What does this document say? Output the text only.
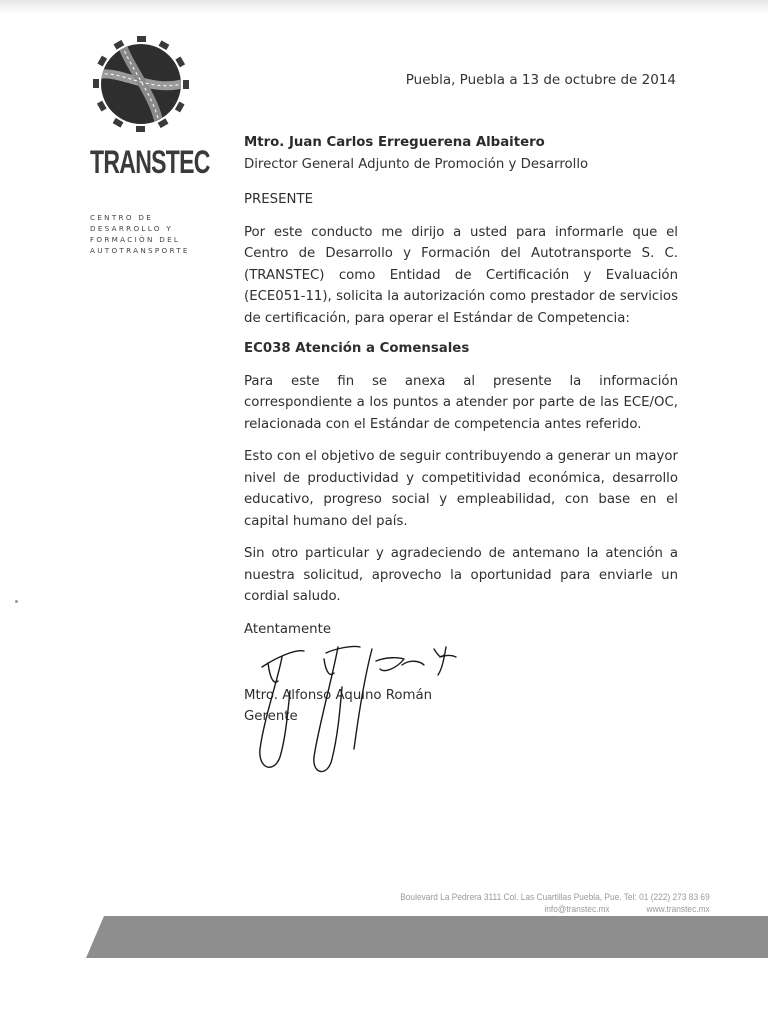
TRANSTEC
CENTRO DE
DESARROLLO Y
FORMACIÓN DEL
AUTOTRANSPORTE
Puebla, Puebla a 13 de octubre de 2014
Mtro. Juan Carlos Erreguerena Albaitero
Director General Adjunto de Promoción y Desarrollo
PRESENTE

Por este conducto me dirijo a usted para informarle que el Centro de Desarrollo y Formación del Autotransporte S. C. (TRANSTEC) como Entidad de Certificación y Evaluación (ECE051-11), solicita la autorización como prestador de servicios de certificación, para operar el Estándar de Competencia:

EC038 Atención a Comensales

Para este fin se anexa al presente la información correspondiente a los puntos a atender por parte de las ECE/OC, relacionada con el Estándar de competencia antes referido.

Esto con el objetivo de seguir contribuyendo a generar un mayor nivel de productividad y competitividad económica, desarrollo educativo, progreso social y empleabilidad, con base en el capital humano del país.

Sin otro particular y agradeciendo de antemano la atención a nuestra solicitud, aprovecho la oportunidad para enviarle un cordial saludo.

Atentamente
Mtro. Alfonso Aquino Román
Gerente
Boulevard La Pedrera 3111 Col. Las Cuartillas Puebla, Pue. Tel: 01 (222) 273 83 69
info@transtec.mx	www.transtec.mx
